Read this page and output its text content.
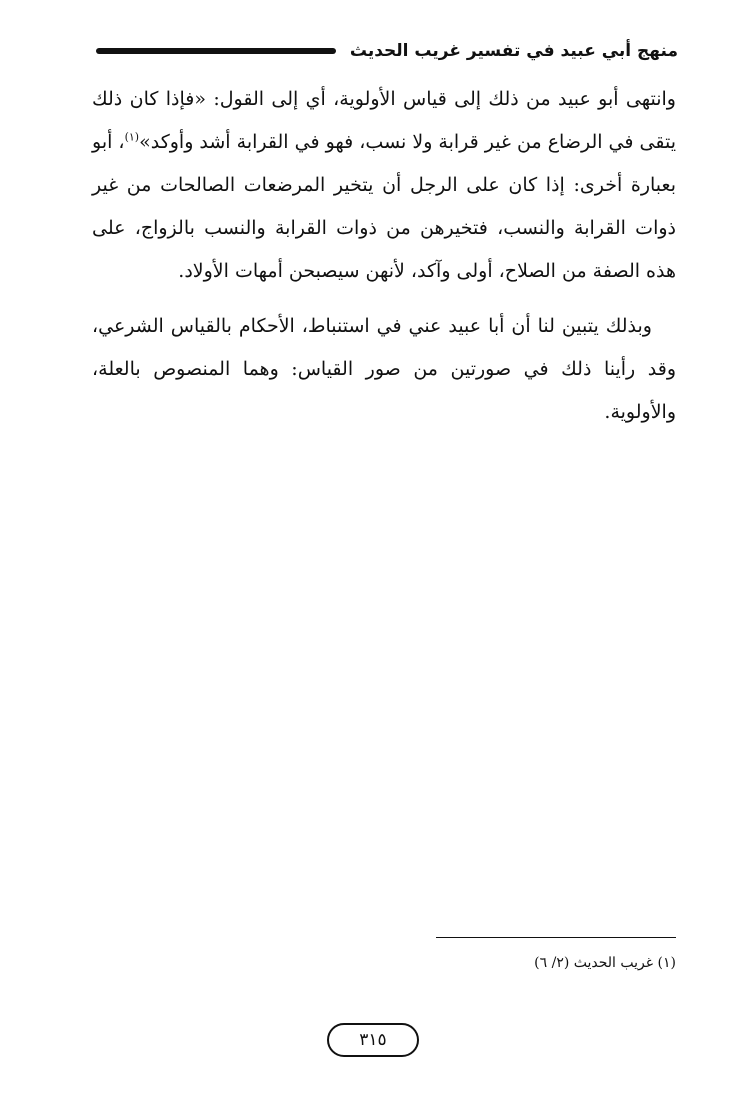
منهج أبي عبيد في تفسير غريب الحديث

وانتهى أبو عبيد من ذلك إلى قياس الأولوية، أي إلى القول: «فإذا كان ذلك يتقى في الرضاع من غير قرابة ولا نسب، فهو في القرابة أشد وأوكد»$^{(١)}$، أبو بعبارة أخرى: إذا كان على الرجل أن يتخير المرضعات الصالحات من غير ذوات القرابة والنسب، فتخيرهن من ذوات القرابة والنسب بالزواج، على هذه الصفة من الصلاح، أولى وآكد، لأنهن سيصبحن أمهات الأولاد.

وبذلك يتبين لنا أن أبا عبيد عني في استنباط، الأحكام بالقياس الشرعي، وقد رأينا ذلك في صورتين من صور القياس: وهما المنصوص بالعلة، والأولوية.

(١) غريب الحديث (٢/ ٦)
٣١٥
